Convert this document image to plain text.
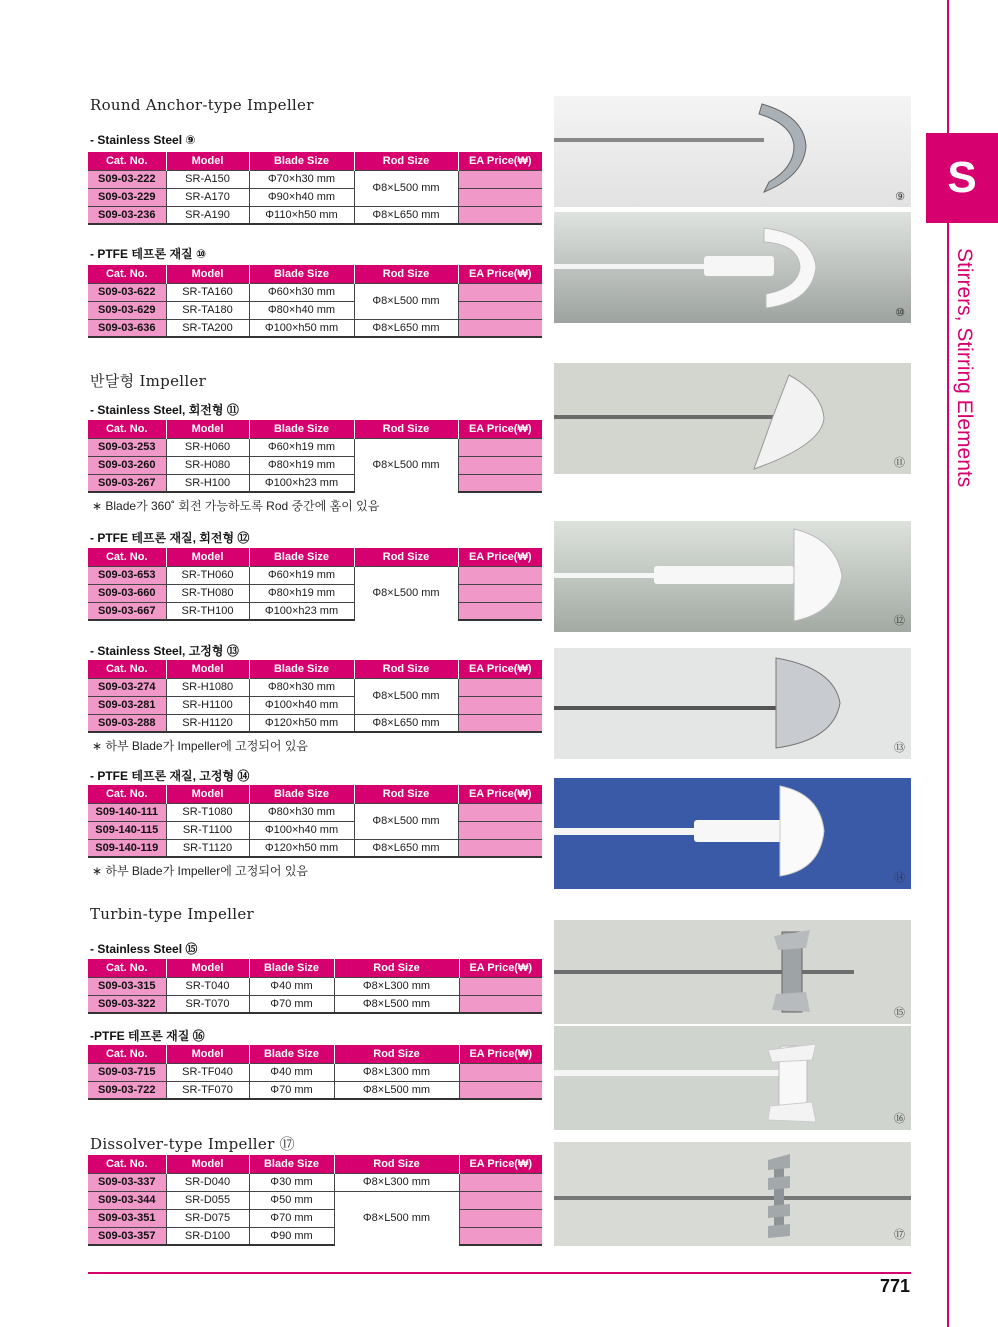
S
Stirrers, Stirring Elements
Round Anchor-type Impeller
- Stainless Steel ⑨
Cat. No.	Model	Blade Size	Rod Size	EA Price(₩)
S09-03-222	SR-A150	Φ70×h30 mm	Φ8×L500 mm	
S09-03-229	SR-A170	Φ90×h40 mm		
S09-03-236	SR-A190	Φ110×h50 mm	Φ8×L650 mm	
- PTFE 테프론 재질 ⑩
Cat. No.	Model	Blade Size	Rod Size	EA Price(₩)
S09-03-622	SR-TA160	Φ60×h30 mm	Φ8×L500 mm	
S09-03-629	SR-TA180	Φ80×h40 mm		
S09-03-636	SR-TA200	Φ100×h50 mm	Φ8×L650 mm	
반달형 Impeller
- Stainless Steel, 회전형 ⑪
Cat. No.	Model	Blade Size	Rod Size	EA Price(₩)
S09-03-253	SR-H060	Φ60×h19 mm	Φ8×L500 mm	
S09-03-260	SR-H080	Φ80×h19 mm		
S09-03-267	SR-H100	Φ100×h23 mm		
∗ Blade가 360˚ 회전 가능하도록 Rod 중간에 홈이 있음
- PTFE 테프론 재질, 회전형 ⑫
Cat. No.	Model	Blade Size	Rod Size	EA Price(₩)
S09-03-653	SR-TH060	Φ60×h19 mm	Φ8×L500 mm	
S09-03-660	SR-TH080	Φ80×h19 mm		
S09-03-667	SR-TH100	Φ100×h23 mm		
- Stainless Steel, 고정형 ⑬
Cat. No.	Model	Blade Size	Rod Size	EA Price(₩)
S09-03-274	SR-H1080	Φ80×h30 mm	Φ8×L500 mm	
S09-03-281	SR-H1100	Φ100×h40 mm		
S09-03-288	SR-H1120	Φ120×h50 mm	Φ8×L650 mm	
∗ 하부 Blade가 Impeller에 고정되어 있음
- PTFE 테프론 재질, 고정형 ⑭
Cat. No.	Model	Blade Size	Rod Size	EA Price(₩)
S09-140-111	SR-T1080	Φ80×h30 mm	Φ8×L500 mm	
S09-140-115	SR-T1100	Φ100×h40 mm		
S09-140-119	SR-T1120	Φ120×h50 mm	Φ8×L650 mm	
∗ 하부 Blade가 Impeller에 고정되어 있음
Turbin-type Impeller
- Stainless Steel ⑮
Cat. No.	Model	Blade Size	Rod Size	EA Price(₩)
S09-03-315	SR-T040	Φ40 mm	Φ8×L300 mm	
S09-03-322	SR-T070	Φ70 mm	Φ8×L500 mm	
-PTFE 테프론 재질 ⑯
Cat. No.	Model	Blade Size	Rod Size	EA Price(₩)
S09-03-715	SR-TF040	Φ40 mm	Φ8×L300 mm	
S09-03-722	SR-TF070	Φ70 mm	Φ8×L500 mm	
Dissolver-type Impeller ⑰
Cat. No.	Model	Blade Size	Rod Size	EA Price(₩)
S09-03-337	SR-D040	Φ30 mm	Φ8×L300 mm	
S09-03-344	SR-D055	Φ50 mm	Φ8×L500 mm	
S09-03-351	SR-D075	Φ70 mm		
S09-03-357	SR-D100	Φ90 mm		
⑨
⑩
⑪
⑫
⑬
⑭
⑮
⑯
⑰
771
